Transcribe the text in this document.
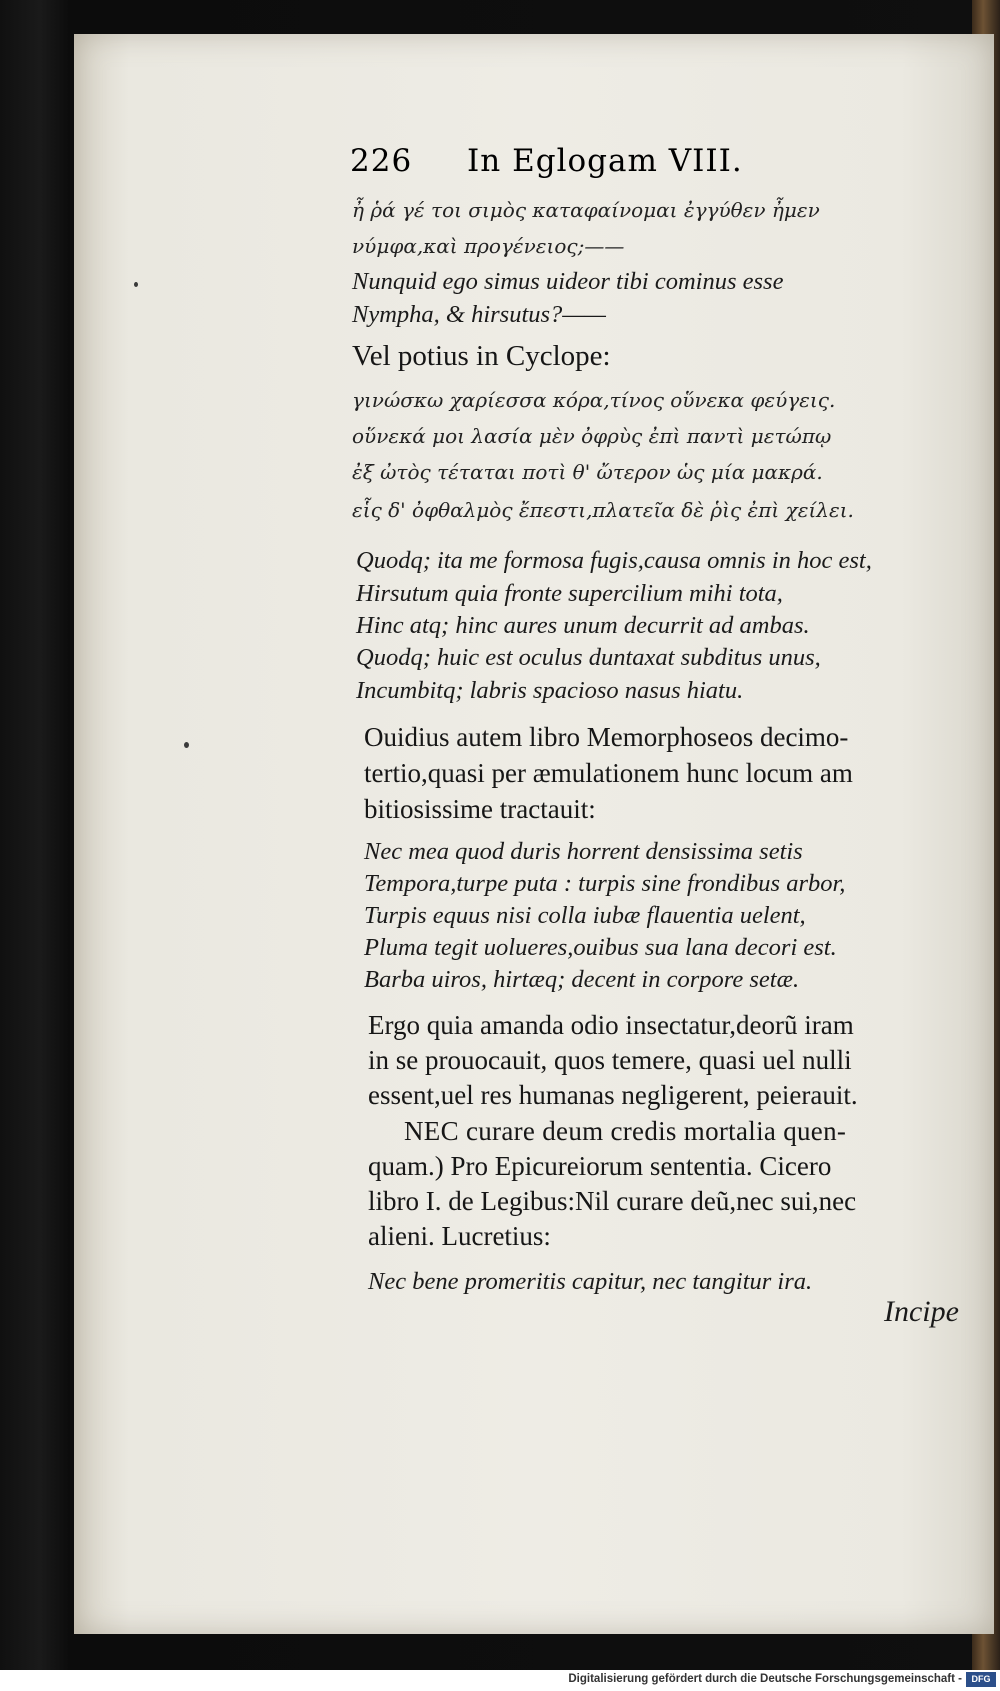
226 In Eglogam VIII.
ἦ ῥά γέ τοι σιμὸς καταφαίνομαι ἐγγύθεν ἦμεν
νύμφα,καὶ πρoγένειος;——
Nunquid ego simus uideor tibi cominus esse
Nympha, & hirsutus?——
Vel potius in Cyclope:
γινώσκω χαρίεσσα κόρα,τίνος οὕνεκα φεύγεις.
οὕνεκά μοι λασία μὲν ὀφρὺς ἐπὶ παντὶ μετώπῳ
ἐξ ὠτὸς τέταται ποτὶ θ' ὤτερον ὡς μία μακρά.
εἷς δ' ὀφθαλμὸς ἔπεστι,πλατεῖα δὲ ῥὶς ἐπὶ χείλει.
Quodq; ita me formosa fugis,causa omnis in hoc est,
Hirsutum quia fronte supercilium mihi tota,
Hinc atq; hinc aures unum decurrit ad ambas.
Quodq; huic est oculus duntaxat subditus unus,
Incumbitq; labris spacioso nasus hiatu.
Ouidius autem libro Memorphoseos decimo-
tertio,quasi per æmulationem hunc locum am
bitiosissime tractauit:
Nec mea quod duris horrent densissima setis
Tempora,turpe puta : turpis sine frondibus arbor,
Turpis equus nisi colla iubæ flauentia uelent,
Pluma tegit uolueres,ouibus sua lana decori est.
Barba uiros, hirtæq; decent in corpore setæ.
Ergo quia amanda odio insectatur,deorũ iram
in se prouocauit, quos temere, quasi uel nulli
essent,uel res humanas negligerent, peierauit.
NEC curare deum credis mortalia quen-
quam.) Pro Epicureiorum sententia. Cicero
libro I. de Legibus:Nil curare deũ,nec sui,nec
alieni. Lucretius:
Nec bene promeritis capitur, nec tangitur ira.
Incipe
Digitalisierung gefördert durch die Deutsche Forschungsgemeinschaft -	DFG
